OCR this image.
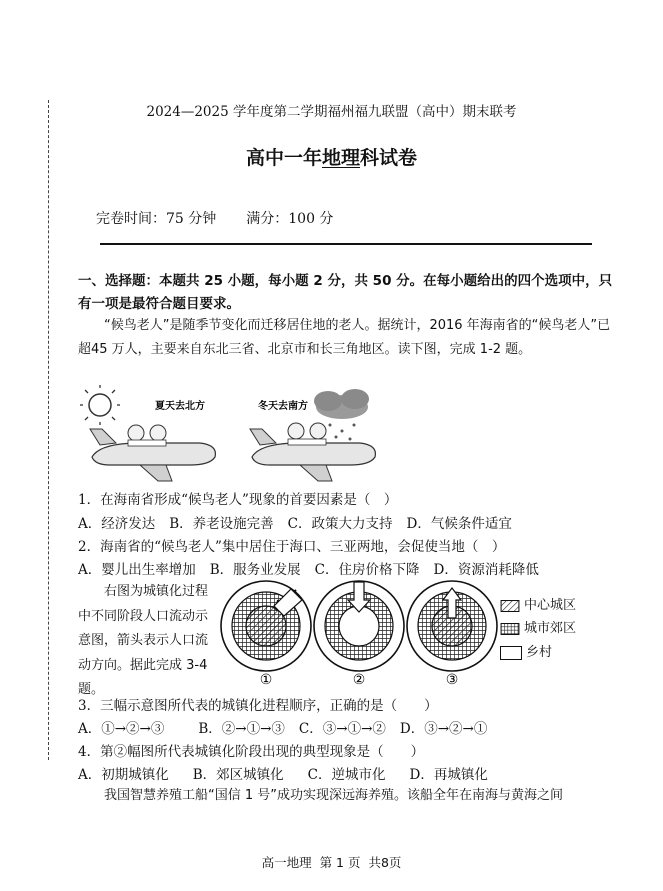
2024—2025 学年度第二学期福州福九联盟（高中）期末联考
高中一年地理科试卷
完卷时间：75 分钟 满分：100 分
一、选择题：本题共 25 小题，每小题 2 分，共 50 分。在每小题给出的四个选项中，只有一项是最符合题目要求。
“候鸟老人”是随季节变化而迁移居住地的老人。据统计，2016 年海南省的“候鸟老人”已超45 万人，主要来自东北三省、北京市和长三角地区。读下图，完成 1-2 题。
夏天去北方	冬天去南方
1．在海南省形成“候鸟老人”现象的首要因素是（　）
A．经济发达 B．养老设施完善 C．政策大力支持 D．气候条件适宜
2．海南省的“候鸟老人”集中居住于海口、三亚两地，会促使当地（　）
A．婴儿出生率增加 B．服务业发展 C．住房价格下降 D．资源消耗降低
右图为城镇化过程中不同阶段人口流动示意图，箭头表示人口流动方向。据此完成 3-4 题。
①	②	③
中心城区
城市郊区
乡村
3．三幅示意图所代表的城镇化进程顺序，正确的是（　　）
A．①→②→③	B．②→①→③ C．③→①→② D．③→②→①
4．第②幅图所代表城镇化阶段出现的典型现象是（　　）
A．初期城镇化 B．郊区城镇化 C．逆城市化 D．再城镇化
我国智慧养殖工船“国信 1 号”成功实现深远海养殖。该船全年在南海与黄海之间
高一地理 第 1 页 共8页
